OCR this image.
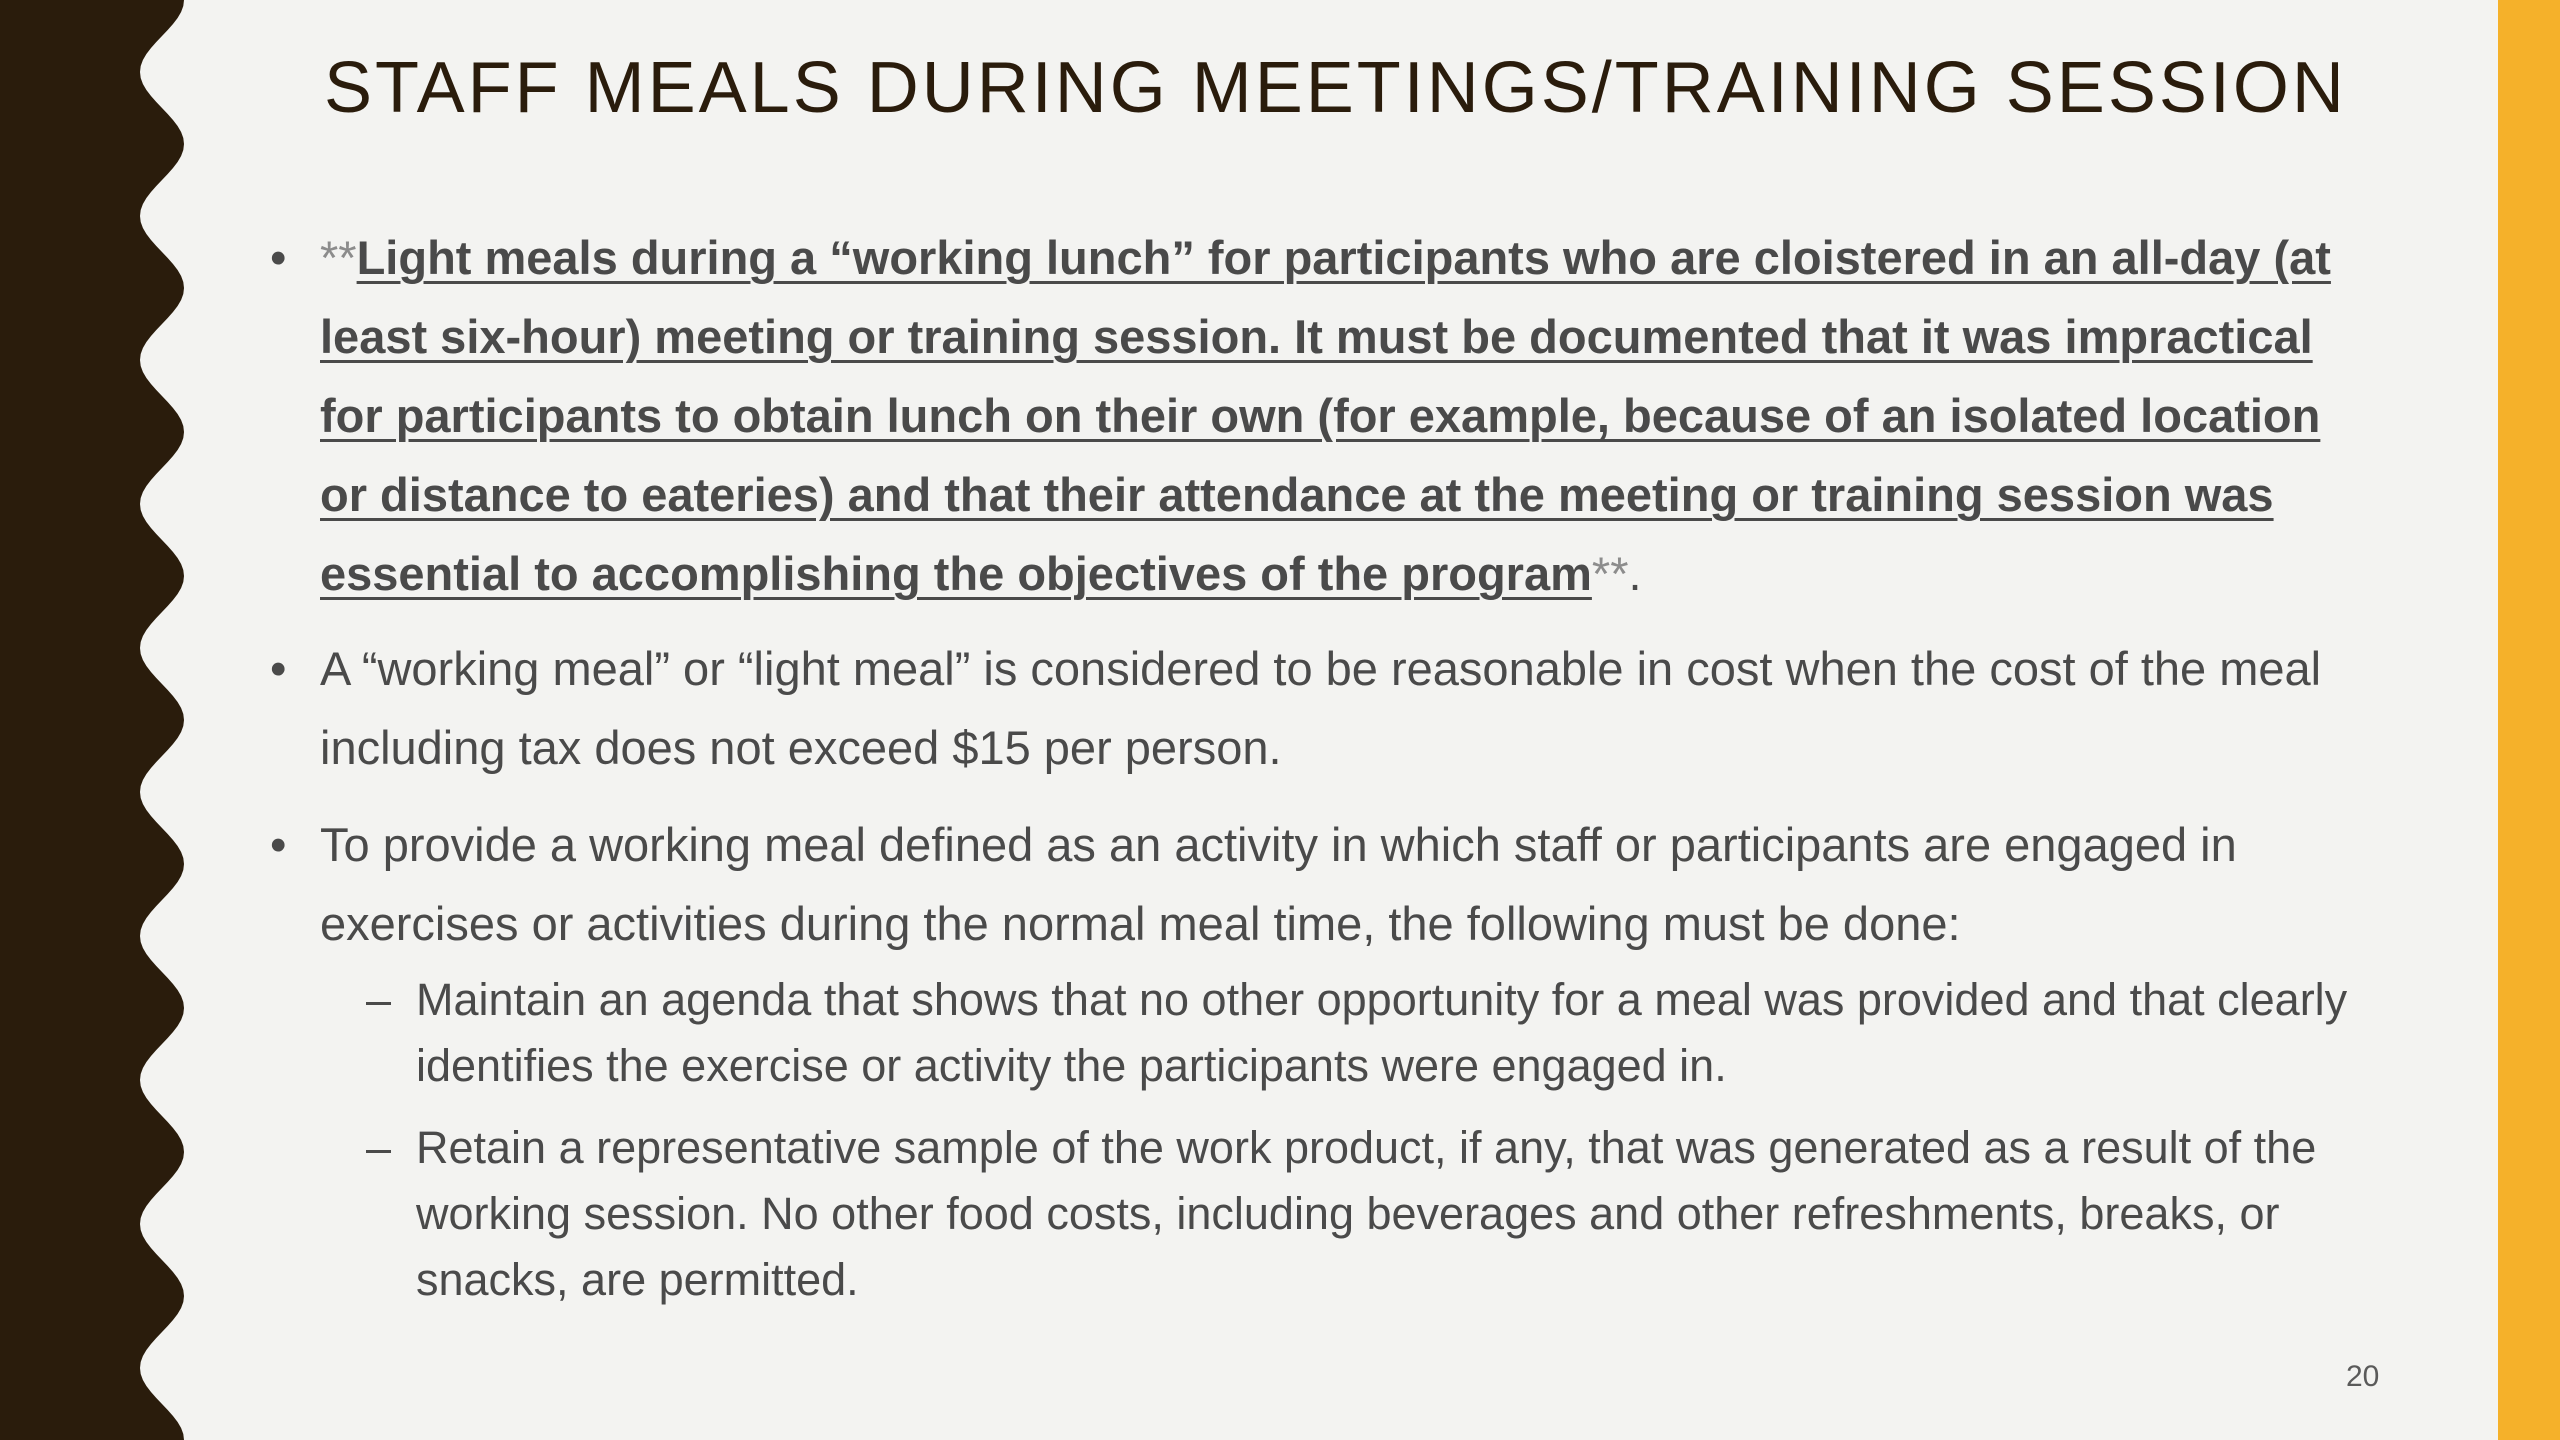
STAFF MEALS DURING MEETINGS/TRAINING SESSION
• **Light meals during a “working lunch” for participants who are cloistered in an all-day (at least six-hour) meeting or training session. It must be documented that it was impractical for participants to obtain lunch on their own (for example, because of an isolated location or distance to eateries) and that their attendance at the meeting or training session was essential to accomplishing the objectives of the program**.
• A “working meal” or “light meal” is considered to be reasonable in cost when the cost of the meal including tax does not exceed $15 per person.
• To provide a working meal defined as an activity in which staff or participants are engaged in exercises or activities during the normal meal time, the following must be done:
– Maintain an agenda that shows that no other opportunity for a meal was provided and that clearly identifies the exercise or activity the participants were engaged in.
– Retain a representative sample of the work product, if any, that was generated as a result of the working session. No other food costs, including beverages and other refreshments, breaks, or snacks, are permitted.
20
